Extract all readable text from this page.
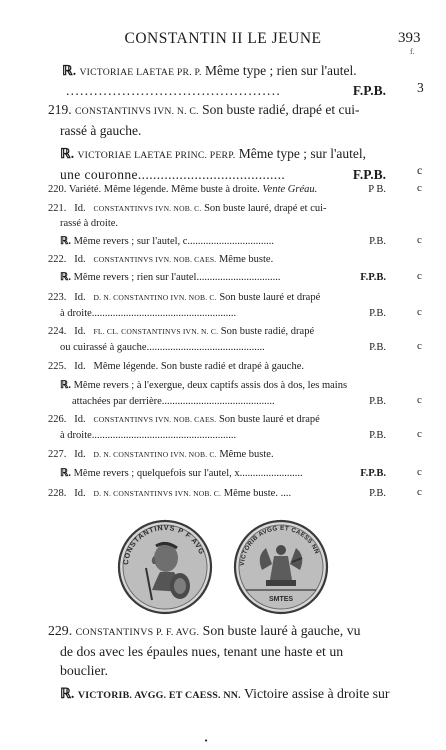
CONSTANTIN II LE JEUNE	393
f.
ℝ. VICTORIAE LAETAE PR. P. Même type ; rien sur l'autel.
..............................................	F.P.B. 3
219. CONSTANTINVS IVN. N. C. Son buste radié, drapé et cui-
rassé à gauche.
ℝ. VICTORIAE LAETAE PRINC. PERP. Même type ; sur l'autel,
une couronne.......................................	F.P.B.	c
220. Variété. Même légende. Même buste à droite. Vente Gréau.	P B.	c
221. Id. CONSTANTINVS IVN. NOB. C. Son buste lauré, drapé et cui-
rassé à droite.
ℝ. Même revers ; sur l'autel, c.................................	P.B.	c
222. Id. CONSTANTINVS IVN. NOB. CAES. Même buste.
ℝ. Même revers ; rien sur l'autel................................	F.P.B.	c
223. Id. D. N. CONSTANTINO IVN. NOB. C. Son buste lauré et drapé
à droite.......................................................	P.B.	c
224. Id. FL. CL. CONSTANTINVS IVN. N. C. Son buste radié, drapé
ou cuirassé à gauche.............................................	P.B.	c
225. Id. Même légende. Son buste radié et drapé à gauche.
ℝ. Même revers ; à l'exergue, deux captifs assis dos à dos, les mains
attachées par derrière...........................................	P.B.	c
226. Id. CONSTANTINVS IVN. NOB. CAES. Son buste lauré et drapé
à droite.......................................................	P.B.	c
227. Id. D. N. CONSTANTINO IVN. NOB. C. Même buste.
ℝ. Même revers ; quelquefois sur l'autel, x........................	F.P.B.	c
228. Id. D. N. CONSTANTINVS IVN. NOB. C. Même buste. ....	P.B.	c
CONSTANTINVS P F AVG
VICTORIB AVGG ET CAESS NN
SMTES
229. CONSTANTINVS P. F. AVG. Son buste lauré à gauche, vu
de dos avec les épaules nues, tenant une haste et un
bouclier.
ℝ. VICTORIB. AVGG. ET CAESS. NN. Victoire assise à droite sur
•
